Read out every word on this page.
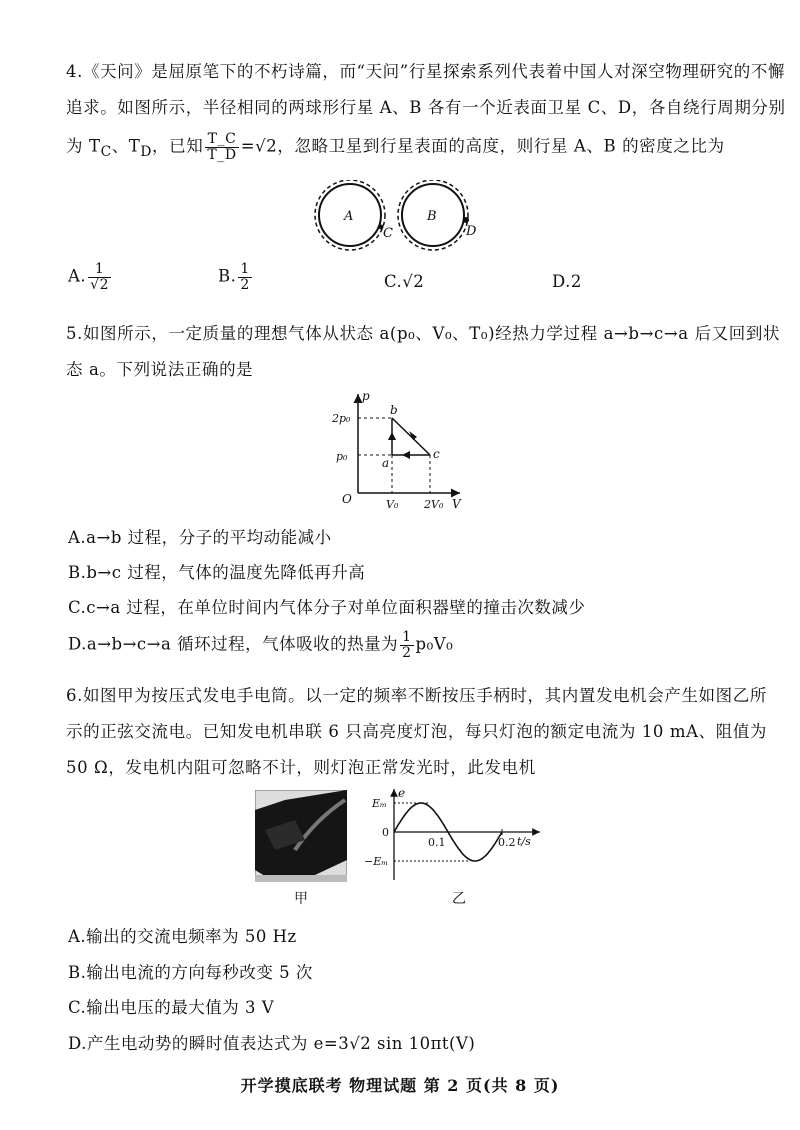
4.《天问》是屈原笔下的不朽诗篇，而“天问”行星探索系列代表着中国人对深空物理研究的不懈
追求。如图所示，半径相同的两球形行星 A、B 各有一个近表面卫星 C、D，各自绕行周期分别
为 $T_C$、$T_D$，已知 $\frac{T\_C}{T\_D} =√2$，忽略卫星到行星表面的高度，则行星 A、B 的密度之比为
A
C
B
D
A. $\frac{1}{√2}$	B. $\frac{1}{2}$	C.√2	D.2
5.如图所示，一定质量的理想气体从状态 a(p₀、V₀、T₀)经热力学过程 a→b→c→a 后又回到状
态 a。下列说法正确的是
p
V
O
2p₀
p₀
V₀ 2V₀
b
a
c
A.a→b 过程，分子的平均动能减小
B.b→c 过程，气体的温度先降低再升高
C.c→a 过程，在单位时间内气体分子对单位面积器壁的撞击次数减少
D.a→b→c→a 循环过程，气体吸收的热量为 $\frac{1}{2} p_0V_0$
6.如图甲为按压式发电手电筒。以一定的频率不断按压手柄时，其内置发电机会产生如图乙所
示的正弦交流电。已知发电机串联 6 只高亮度灯泡，每只灯泡的额定电流为 10 mA、阻值为
50 Ω，发电机内阻可忽略不计，则灯泡正常发光时，此发电机
甲
e
t/s
Eₘ
0
−Eₘ
0.1	0.2
乙
A.输出的交流电频率为 50 Hz
B.输出电流的方向每秒改变 5 次
C.输出电压的最大值为 3 V
D.产生电动势的瞬时值表达式为 e=3√2 sin 10πt(V)
开学摸底联考 物理试题 第 2 页(共 8 页)
